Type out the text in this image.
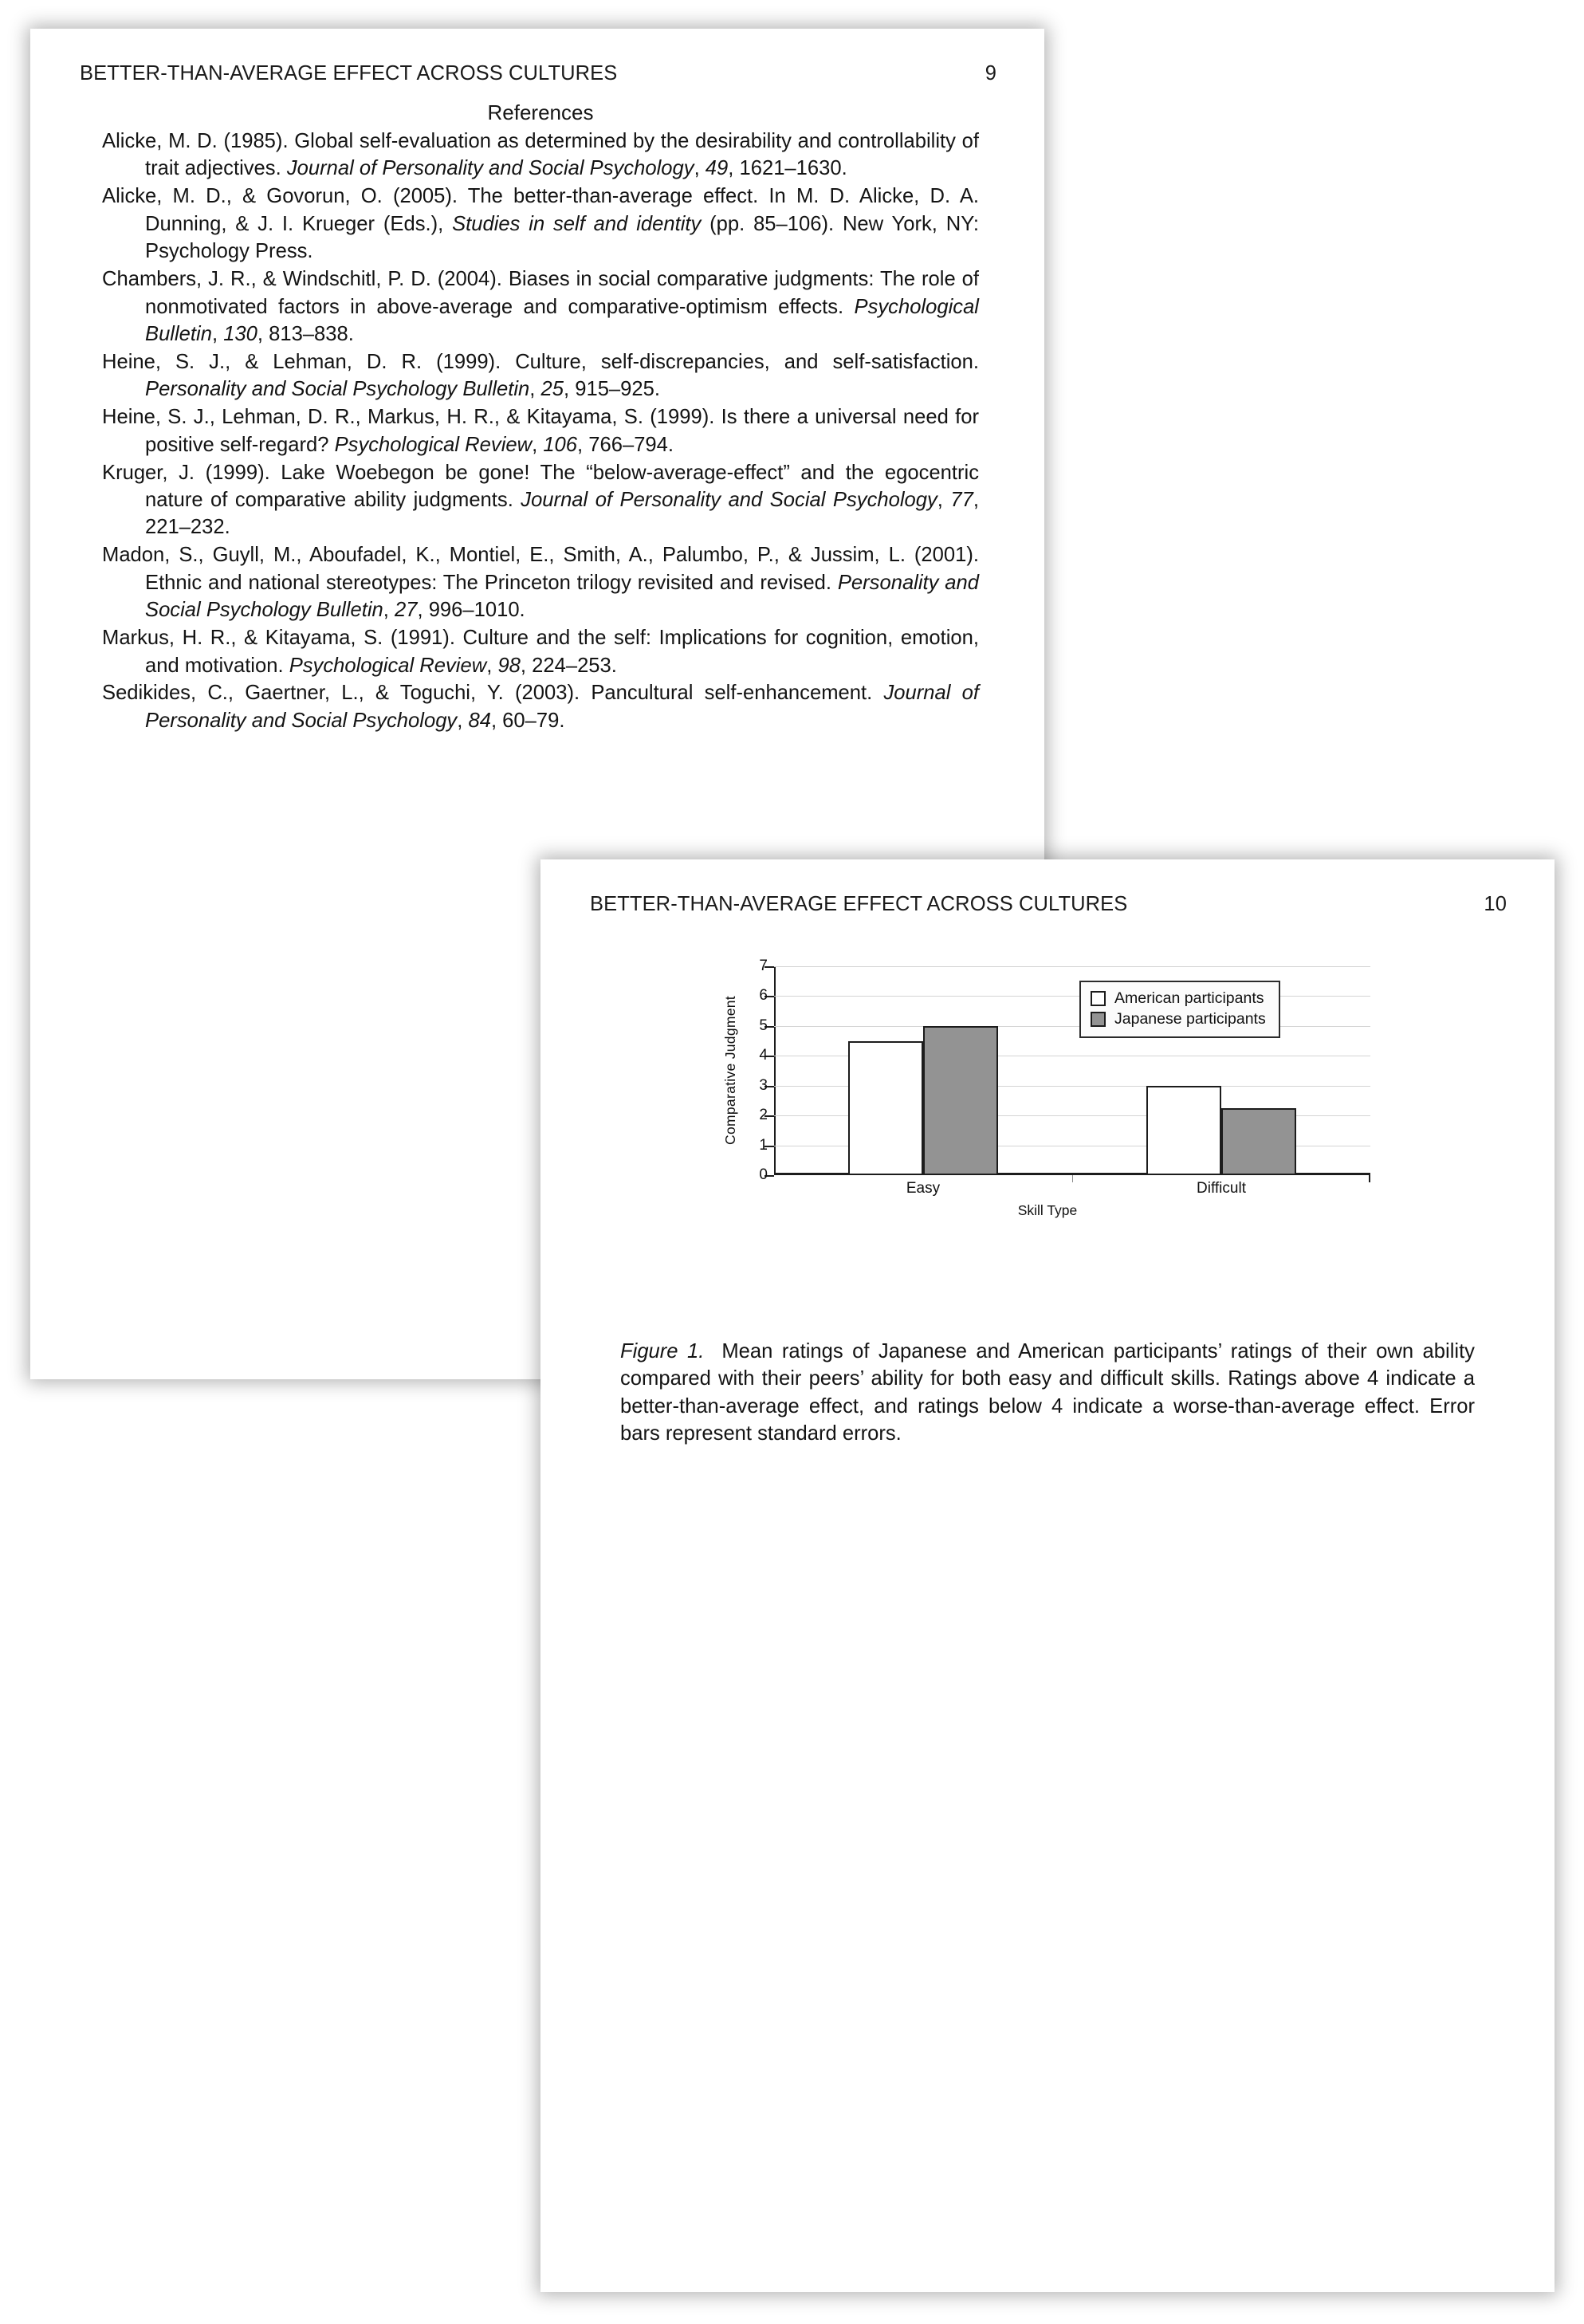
BETTER-THAN-AVERAGE EFFECT ACROSS CULTURES	9
References

Alicke, M. D. (1985). Global self-evaluation as determined by the desirability and controllability of trait adjectives. Journal of Personality and Social Psychology, 49, 1621–1630.

Alicke, M. D., & Govorun, O. (2005). The better-than-average effect. In M. D. Alicke, D. A. Dunning, & J. I. Krueger (Eds.), Studies in self and identity (pp. 85–106). New York, NY: Psychology Press.

Chambers, J. R., & Windschitl, P. D. (2004). Biases in social comparative judgments: The role of nonmotivated factors in above-average and comparative-optimism effects. Psychological Bulletin, 130, 813–838.

Heine, S. J., & Lehman, D. R. (1999). Culture, self-discrepancies, and self-satisfaction. Personality and Social Psychology Bulletin, 25, 915–925.

Heine, S. J., Lehman, D. R., Markus, H. R., & Kitayama, S. (1999). Is there a universal need for positive self-regard? Psychological Review, 106, 766–794.

Kruger, J. (1999). Lake Woebegon be gone! The “below-average-effect” and the egocentric nature of comparative ability judgments. Journal of Personality and Social Psychology, 77, 221–232.

Madon, S., Guyll, M., Aboufadel, K., Montiel, E., Smith, A., Palumbo, P., & Jussim, L. (2001). Ethnic and national stereotypes: The Princeton trilogy revisited and revised. Personality and Social Psychology Bulletin, 27, 996–1010.

Markus, H. R., & Kitayama, S. (1991). Culture and the self: Implications for cognition, emotion, and motivation. Psychological Review, 98, 224–253.

Sedikides, C., Gaertner, L., & Toguchi, Y. (2003). Pancultural self-enhancement. Journal of Personality and Social Psychology, 84, 60–79.

BETTER-THAN-AVERAGE EFFECT ACROSS CULTURES	10
Comparative Judgment
0
1
2
3
4
5
6
7
Skill Type
American participants
Japanese participants
Easy	Difficult
Figure 1. Mean ratings of Japanese and American participants’ ratings of their own ability compared with their peers’ ability for both easy and difficult skills. Ratings above 4 indicate a better-than-average effect, and ratings below 4 indicate a worse-than-average effect. Error bars represent standard errors.
